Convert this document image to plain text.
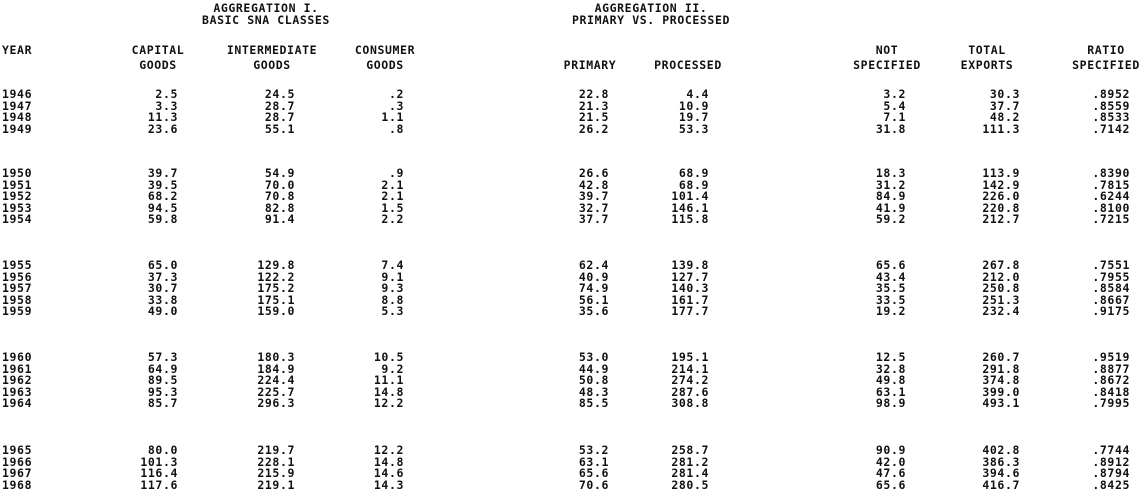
AGGREGATION I.
BASIC SNA CLASSES
AGGREGATION II.
PRIMARY VS. PROCESSED
YEAR	CAPITAL
GOODS
INTERMEDIATE
GOODS
CONSUMER
GOODS	PRIMARY	PROCESSED
NOT
SPECIFIED
TOTAL
EXPORTS
RATIO
SPECIFIED
1946	2.5	24.5	.2	22.8	4.4	3.2	30.3	.8952
1947	3.3	28.7	.3	21.3	10.9	5.4	37.7	.8559
1948	11.3	28.7	1.1	21.5	19.7	7.1	48.2	.8533
1949	23.6	55.1	.8	26.2	53.3	31.8	111.3	.7142
1950	39.7	54.9	.9	26.6	68.9	18.3	113.9	.8390
1951	39.5	70.0	2.1	42.8	68.9	31.2	142.9	.7815
1952	68.2	70.8	2.1	39.7	101.4	84.9	226.0	.6244
1953	94.5	82.8	1.5	32.7	146.1	41.9	220.8	.8100
1954	59.8	91.4	2.2	37.7	115.8	59.2	212.7	.7215
1955	65.0	129.8	7.4	62.4	139.8	65.6	267.8	.7551
1956	37.3	122.2	9.1	40.9	127.7	43.4	212.0	.7955
1957	30.7	175.2	9.3	74.9	140.3	35.5	250.8	.8584
1958	33.8	175.1	8.8	56.1	161.7	33.5	251.3	.8667
1959	49.0	159.0	5.3	35.6	177.7	19.2	232.4	.9175
1960	57.3	180.3	10.5	53.0	195.1	12.5	260.7	.9519
1961	64.9	184.9	9.2	44.9	214.1	32.8	291.8	.8877
1962	89.5	224.4	11.1	50.8	274.2	49.8	374.8	.8672
1963	95.3	225.7	14.8	48.3	287.6	63.1	399.0	.8418
1964	85.7	296.3	12.2	85.5	308.8	98.9	493.1	.7995
1965	80.0	219.7	12.2	53.2	258.7	90.9	402.8	.7744
1966	101.3	228.1	14.8	63.1	281.2	42.0	386.3	.8912
1967	116.4	215.9	14.6	65.6	281.4	47.6	394.6	.8794
1968	117.6	219.1	14.3	70.6	280.5	65.6	416.7	.8425
